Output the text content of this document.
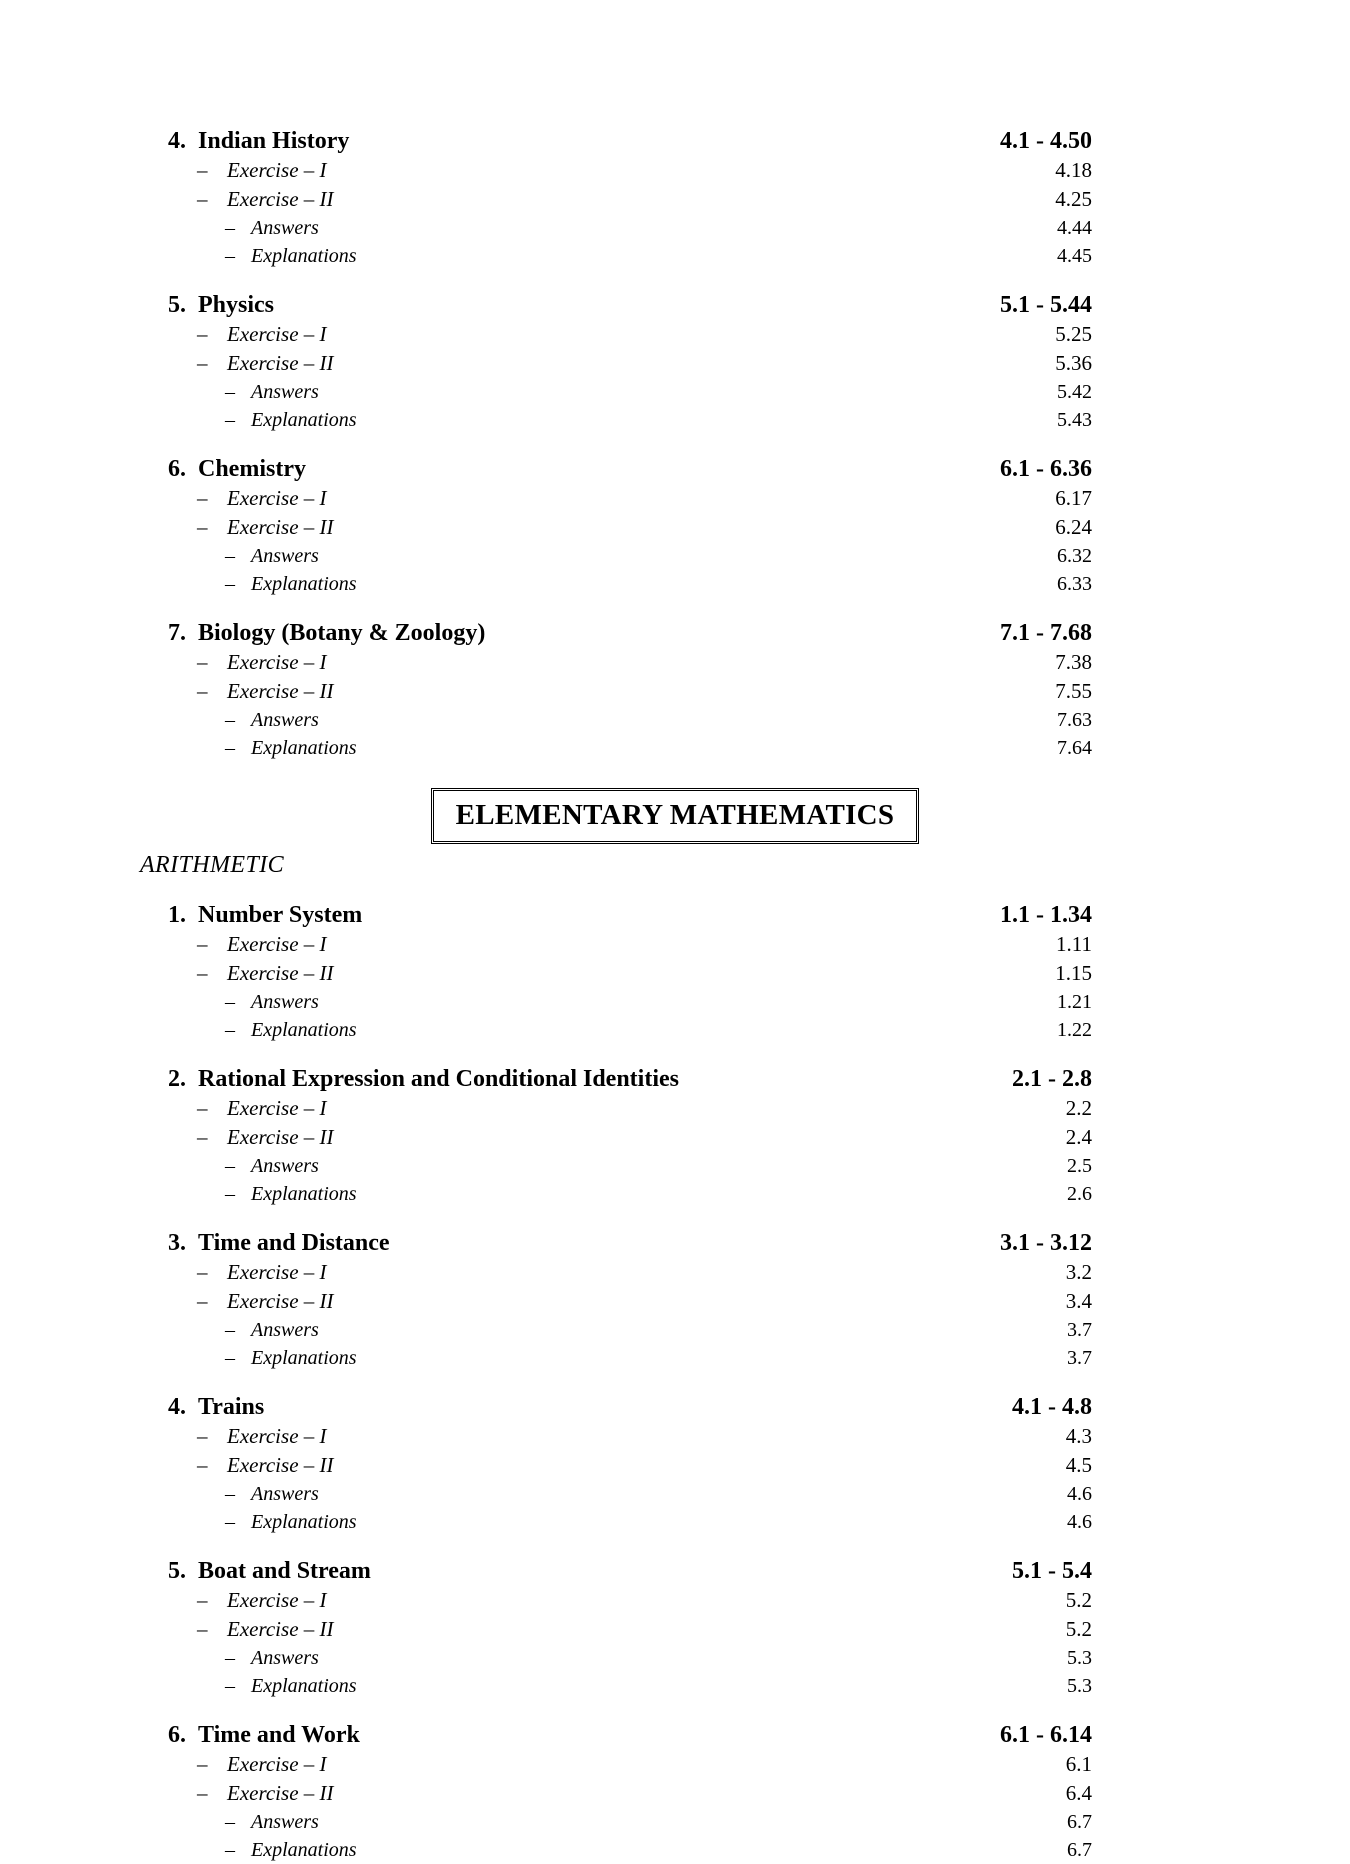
4. Indian History	4.1 - 4.50
– Exercise – I	4.18
– Exercise – II	4.25
– Answers	4.44
– Explanations	4.45
5. Physics	5.1 - 5.44
– Exercise – I	5.25
– Exercise – II	5.36
– Answers	5.42
– Explanations	5.43
6. Chemistry	6.1 - 6.36
– Exercise – I	6.17
– Exercise – II	6.24
– Answers	6.32
– Explanations	6.33
7. Biology (Botany & Zoology)	7.1 - 7.68
– Exercise – I	7.38
– Exercise – II	7.55
– Answers	7.63
– Explanations	7.64
ELEMENTARY MATHEMATICS
ARITHMETIC
1. Number System	1.1 - 1.34
– Exercise – I	1.11
– Exercise – II	1.15
– Answers	1.21
– Explanations	1.22
2. Rational Expression and Conditional Identities	2.1 - 2.8
– Exercise – I	2.2
– Exercise – II	2.4
– Answers	2.5
– Explanations	2.6
3. Time and Distance	3.1 - 3.12
– Exercise – I	3.2
– Exercise – II	3.4
– Answers	3.7
– Explanations	3.7
4. Trains	4.1 - 4.8
– Exercise – I	4.3
– Exercise – II	4.5
– Answers	4.6
– Explanations	4.6
5. Boat and Stream	5.1 - 5.4
– Exercise – I	5.2
– Exercise – II	5.2
– Answers	5.3
– Explanations	5.3
6. Time and Work	6.1 - 6.14
– Exercise – I	6.1
– Exercise – II	6.4
– Answers	6.7
– Explanations	6.7
